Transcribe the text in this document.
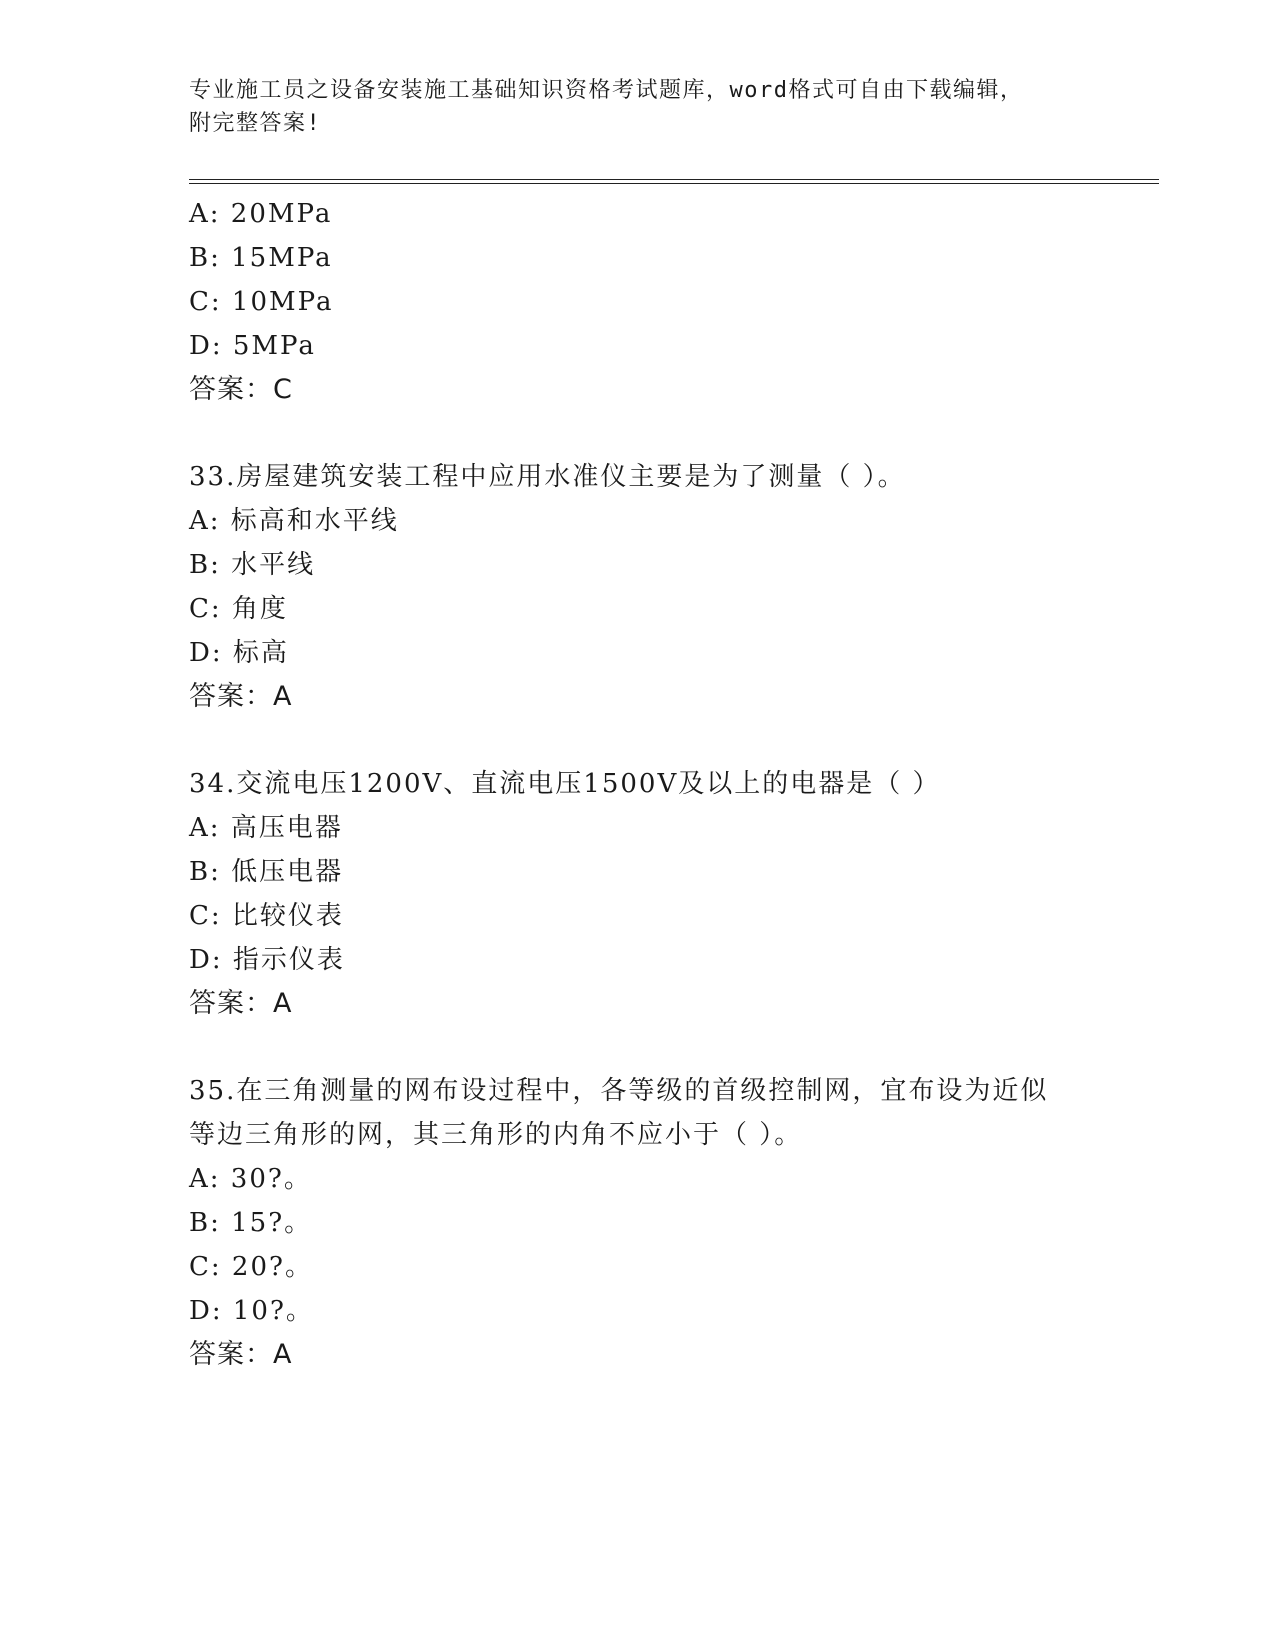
专业施工员之设备安装施工基础知识资格考试题库，word格式可自由下载编辑，
附完整答案!
A: 20MPa
B: 15MPa
C: 10MPa
D: 5MPa
答案：C
33.房屋建筑安装工程中应用水准仪主要是为了测量（ ）。
A: 标高和水平线
B: 水平线
C: 角度
D: 标高
答案：A
34.交流电压1200V、直流电压1500V及以上的电器是（ ）
A: 高压电器
B: 低压电器
C: 比较仪表
D: 指示仪表
答案：A
35.在三角测量的网布设过程中，各等级的首级控制网，宜布设为近似
等边三角形的网，其三角形的内角不应小于（ ）。
A: 30?。
B: 15?。
C: 20?。
D: 10?。
答案：A
